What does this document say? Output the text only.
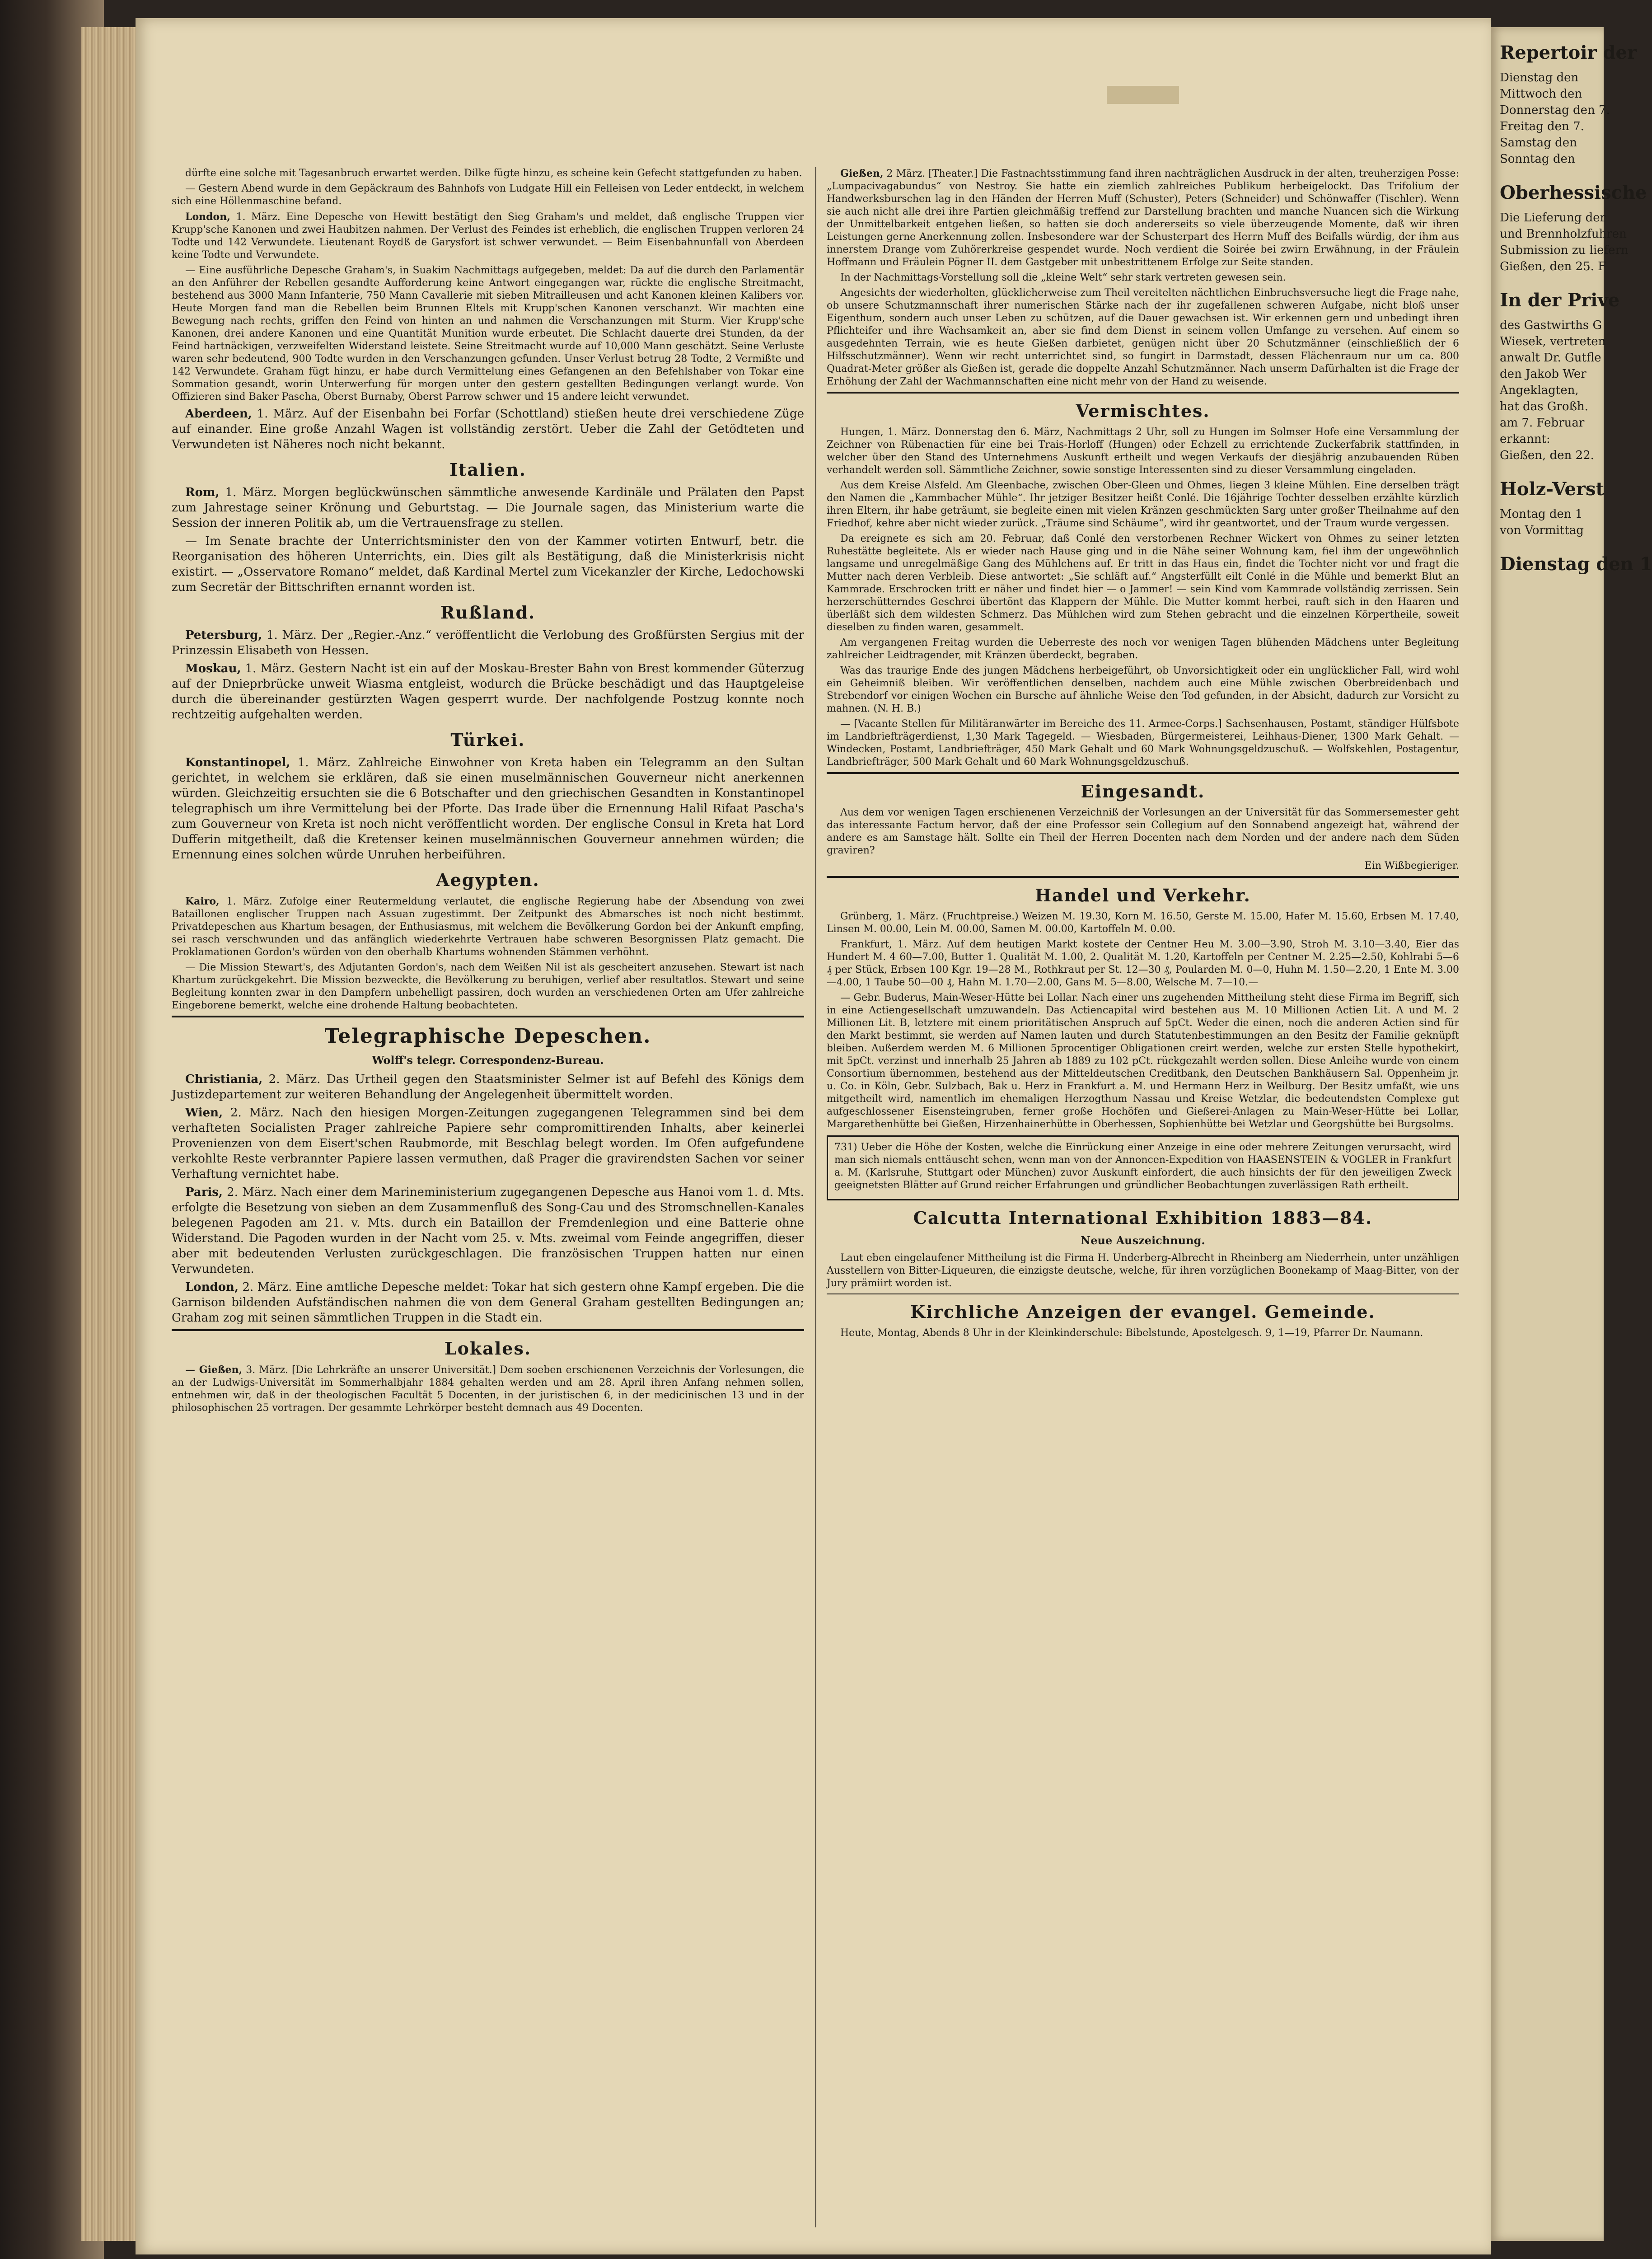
dürfte eine solche mit Tagesanbruch erwartet werden. Dilke fügte hinzu, es scheine kein Gefecht stattgefunden zu haben.

— Gestern Abend wurde in dem Gepäckraum des Bahnhofs von Ludgate Hill ein Felleisen von Leder entdeckt, in welchem sich eine Höllenmaschine befand.

London, 1. März. Eine Depesche von Hewitt bestätigt den Sieg Graham's und meldet, daß englische Truppen vier Krupp'sche Kanonen und zwei Haubitzen nahmen. Der Verlust des Feindes ist erheblich, die englischen Truppen verloren 24 Todte und 142 Verwundete. Lieutenant Roydß de Garysfort ist schwer verwundet. — Beim Eisenbahnunfall von Aberdeen keine Todte und Verwundete.

— Eine ausführliche Depesche Graham's, in Suakim Nachmittags aufgegeben, meldet: Da auf die durch den Parlamentär an den Anführer der Rebellen gesandte Aufforderung keine Antwort eingegangen war, rückte die englische Streitmacht, bestehend aus 3000 Mann Infanterie, 750 Mann Cavallerie mit sieben Mitrailleusen und acht Kanonen kleinen Kalibers vor. Heute Morgen fand man die Rebellen beim Brunnen Eltels mit Krupp'schen Kanonen verschanzt. Wir machten eine Bewegung nach rechts, griffen den Feind von hinten an und nahmen die Verschanzungen mit Sturm. Vier Krupp'sche Kanonen, drei andere Kanonen und eine Quantität Munition wurde erbeutet. Die Schlacht dauerte drei Stunden, da der Feind hartnäckigen, verzweifelten Widerstand leistete. Seine Streitmacht wurde auf 10,000 Mann geschätzt. Seine Verluste waren sehr bedeutend, 900 Todte wurden in den Verschanzungen gefunden. Unser Verlust betrug 28 Todte, 2 Vermißte und 142 Verwundete. Graham fügt hinzu, er habe durch Vermittelung eines Gefangenen an den Befehlshaber von Tokar eine Sommation gesandt, worin Unterwerfung für morgen unter den gestern gestellten Bedingungen verlangt wurde. Von Offizieren sind Baker Pascha, Oberst Burnaby, Oberst Parrow schwer und 15 andere leicht verwundet.

Aberdeen, 1. März. Auf der Eisenbahn bei Forfar (Schottland) stießen heute drei verschiedene Züge auf einander. Eine große Anzahl Wagen ist vollständig zerstört. Ueber die Zahl der Getödteten und Verwundeten ist Näheres noch nicht bekannt.

Italien.

Rom, 1. März. Morgen beglückwünschen sämmtliche anwesende Kardinäle und Prälaten den Papst zum Jahrestage seiner Krönung und Geburtstag. — Die Journale sagen, das Ministerium warte die Session der inneren Politik ab, um die Vertrauensfrage zu stellen.

— Im Senate brachte der Unterrichtsminister den von der Kammer votirten Entwurf, betr. die Reorganisation des höheren Unterrichts, ein. Dies gilt als Bestätigung, daß die Ministerkrisis nicht existirt. — „Osservatore Romano“ meldet, daß Kardinal Mertel zum Vicekanzler der Kirche, Ledochowski zum Secretär der Bittschriften ernannt worden ist.

Rußland.

Petersburg, 1. März. Der „Regier.-Anz.“ veröffentlicht die Verlobung des Großfürsten Sergius mit der Prinzessin Elisabeth von Hessen.

Moskau, 1. März. Gestern Nacht ist ein auf der Moskau-Brester Bahn von Brest kommender Güterzug auf der Dnieprbrücke unweit Wiasma entgleist, wodurch die Brücke beschädigt und das Hauptgeleise durch die übereinander gestürzten Wagen gesperrt wurde. Der nachfolgende Postzug konnte noch rechtzeitig aufgehalten werden.

Türkei.

Konstantinopel, 1. März. Zahlreiche Einwohner von Kreta haben ein Telegramm an den Sultan gerichtet, in welchem sie erklären, daß sie einen muselmännischen Gouverneur nicht anerkennen würden. Gleichzeitig ersuchten sie die 6 Botschafter und den griechischen Gesandten in Konstantinopel telegraphisch um ihre Vermittelung bei der Pforte. Das Irade über die Ernennung Halil Rifaat Pascha's zum Gouverneur von Kreta ist noch nicht veröffentlicht worden. Der englische Consul in Kreta hat Lord Dufferin mitgetheilt, daß die Kretenser keinen muselmännischen Gouverneur annehmen würden; die Ernennung eines solchen würde Unruhen herbeiführen.

Aegypten.

Kairo, 1. März. Zufolge einer Reutermeldung verlautet, die englische Regierung habe der Absendung von zwei Bataillonen englischer Truppen nach Assuan zugestimmt. Der Zeitpunkt des Abmarsches ist noch nicht bestimmt. Privatdepeschen aus Khartum besagen, der Enthusiasmus, mit welchem die Bevölkerung Gordon bei der Ankunft empfing, sei rasch verschwunden und das anfänglich wiederkehrte Vertrauen habe schweren Besorgnissen Platz gemacht. Die Proklamationen Gordon's würden von den oberhalb Khartums wohnenden Stämmen verhöhnt.

— Die Mission Stewart's, des Adjutanten Gordon's, nach dem Weißen Nil ist als gescheitert anzusehen. Stewart ist nach Khartum zurückgekehrt. Die Mission bezweckte, die Bevölkerung zu beruhigen, verlief aber resultatlos. Stewart und seine Begleitung konnten zwar in den Dampfern unbehelligt passiren, doch wurden an verschiedenen Orten am Ufer zahlreiche Eingeborene bemerkt, welche eine drohende Haltung beobachteten.

Telegraphische Depeschen.
Wolff's telegr. Correspondenz-Bureau.

Christiania, 2. März. Das Urtheil gegen den Staatsminister Selmer ist auf Befehl des Königs dem Justizdepartement zur weiteren Behandlung der Angelegenheit übermittelt worden.

Wien, 2. März. Nach den hiesigen Morgen-Zeitungen zugegangenen Telegrammen sind bei dem verhafteten Socialisten Prager zahlreiche Papiere sehr compromittirenden Inhalts, aber keinerlei Provenienzen von dem Eisert'schen Raubmorde, mit Beschlag belegt worden. Im Ofen aufgefundene verkohlte Reste verbrannter Papiere lassen vermuthen, daß Prager die gravirendsten Sachen vor seiner Verhaftung vernichtet habe.

Paris, 2. März. Nach einer dem Marineministerium zugegangenen Depesche aus Hanoi vom 1. d. Mts. erfolgte die Besetzung von sieben an dem Zusammenfluß des Song-Cau und des Stromschnellen-Kanales belegenen Pagoden am 21. v. Mts. durch ein Bataillon der Fremdenlegion und eine Batterie ohne Widerstand. Die Pagoden wurden in der Nacht vom 25. v. Mts. zweimal vom Feinde angegriffen, dieser aber mit bedeutenden Verlusten zurückgeschlagen. Die französischen Truppen hatten nur einen Verwundeten.

London, 2. März. Eine amtliche Depesche meldet: Tokar hat sich gestern ohne Kampf ergeben. Die die Garnison bildenden Aufständischen nahmen die von dem General Graham gestellten Bedingungen an; Graham zog mit seinen sämmtlichen Truppen in die Stadt ein.

Lokales.

— Gießen, 3. März. [Die Lehrkräfte an unserer Universität.] Dem soeben erschienenen Verzeichnis der Vorlesungen, die an der Ludwigs-Universität im Sommerhalbjahr 1884 gehalten werden und am 28. April ihren Anfang nehmen sollen, entnehmen wir, daß in der theologischen Facultät 5 Docenten, in der juristischen 6, in der medicinischen 13 und in der philosophischen 25 vortragen. Der gesammte Lehrkörper besteht demnach aus 49 Docenten.

Gießen, 2 März. [Theater.] Die Fastnachtsstimmung fand ihren nachträglichen Ausdruck in der alten, treuherzigen Posse: „Lumpacivagabundus“ von Nestroy. Sie hatte ein ziemlich zahlreiches Publikum herbeigelockt. Das Trifolium der Handwerksburschen lag in den Händen der Herren Muff (Schuster), Peters (Schneider) und Schönwaffer (Tischler). Wenn sie auch nicht alle drei ihre Partien gleichmäßig treffend zur Darstellung brachten und manche Nuancen sich die Wirkung der Unmittelbarkeit entgehen ließen, so hatten sie doch andererseits so viele überzeugende Momente, daß wir ihren Leistungen gerne Anerkennung zollen. Insbesondere war der Schusterpart des Herrn Muff des Beifalls würdig, der ihm aus innerstem Drange vom Zuhörerkreise gespendet wurde. Noch verdient die Soirée bei zwirn Erwähnung, in der Fräulein Hoffmann und Fräulein Pögner II. dem Gastgeber mit unbestrittenem Erfolge zur Seite standen.

In der Nachmittags-Vorstellung soll die „kleine Welt“ sehr stark vertreten gewesen sein.

Angesichts der wiederholten, glücklicherweise zum Theil vereitelten nächtlichen Einbruchsversuche liegt die Frage nahe, ob unsere Schutzmannschaft ihrer numerischen Stärke nach der ihr zugefallenen schweren Aufgabe, nicht bloß unser Eigenthum, sondern auch unser Leben zu schützen, auf die Dauer gewachsen ist. Wir erkennen gern und unbedingt ihren Pflichteifer und ihre Wachsamkeit an, aber sie find dem Dienst in seinem vollen Umfange zu versehen. Auf einem so ausgedehnten Terrain, wie es heute Gießen darbietet, genügen nicht über 20 Schutzmänner (einschließlich der 6 Hilfsschutzmänner). Wenn wir recht unterrichtet sind, so fungirt in Darmstadt, dessen Flächenraum nur um ca. 800 Quadrat-Meter größer als Gießen ist, gerade die doppelte Anzahl Schutzmänner. Nach unserm Dafürhalten ist die Frage der Erhöhung der Zahl der Wachmannschaften eine nicht mehr von der Hand zu weisende.

Vermischtes.

Hungen, 1. März. Donnerstag den 6. März, Nachmittags 2 Uhr, soll zu Hungen im Solmser Hofe eine Versammlung der Zeichner von Rübenactien für eine bei Trais-Horloff (Hungen) oder Echzell zu errichtende Zuckerfabrik stattfinden, in welcher über den Stand des Unternehmens Auskunft ertheilt und wegen Verkaufs der diesjährig anzubauenden Rüben verhandelt werden soll. Sämmtliche Zeichner, sowie sonstige Interessenten sind zu dieser Versammlung eingeladen.

Aus dem Kreise Alsfeld. Am Gleenbache, zwischen Ober-Gleen und Ohmes, liegen 3 kleine Mühlen. Eine derselben trägt den Namen die „Kammbacher Mühle“. Ihr jetziger Besitzer heißt Conlé. Die 16jährige Tochter desselben erzählte kürzlich ihren Eltern, ihr habe geträumt, sie begleite einen mit vielen Kränzen geschmückten Sarg unter großer Theilnahme auf den Friedhof, kehre aber nicht wieder zurück. „Träume sind Schäume“, wird ihr geantwortet, und der Traum wurde vergessen.

Da ereignete es sich am 20. Februar, daß Conlé den verstorbenen Rechner Wickert von Ohmes zu seiner letzten Ruhestätte begleitete. Als er wieder nach Hause ging und in die Nähe seiner Wohnung kam, fiel ihm der ungewöhnlich langsame und unregelmäßige Gang des Mühlchens auf. Er tritt in das Haus ein, findet die Tochter nicht vor und fragt die Mutter nach deren Verbleib. Diese antwortet: „Sie schläft auf.“ Angsterfüllt eilt Conlé in die Mühle und bemerkt Blut an Kammrade. Erschrocken tritt er näher und findet hier — o Jammer! — sein Kind vom Kammrade vollständig zerrissen. Sein herzerschütterndes Geschrei übertönt das Klappern der Mühle. Die Mutter kommt herbei, rauft sich in den Haaren und überläßt sich dem wildesten Schmerz. Das Mühlchen wird zum Stehen gebracht und die einzelnen Körpertheile, soweit dieselben zu finden waren, gesammelt.

Am vergangenen Freitag wurden die Ueberreste des noch vor wenigen Tagen blühenden Mädchens unter Begleitung zahlreicher Leidtragender, mit Kränzen überdeckt, begraben.

Was das traurige Ende des jungen Mädchens herbeigeführt, ob Unvorsichtigkeit oder ein unglücklicher Fall, wird wohl ein Geheimniß bleiben. Wir veröffentlichen denselben, nachdem auch eine Mühle zwischen Oberbreidenbach und Strebendorf vor einigen Wochen ein Bursche auf ähnliche Weise den Tod gefunden, in der Absicht, dadurch zur Vorsicht zu mahnen. (N. H. B.)

— [Vacante Stellen für Militäranwärter im Bereiche des 11. Armee-Corps.] Sachsenhausen, Postamt, ständiger Hülfsbote im Landbriefträgerdienst, 1,30 Mark Tagegeld. — Wiesbaden, Bürgermeisterei, Leihhaus-Diener, 1300 Mark Gehalt. — Windecken, Postamt, Landbriefträger, 450 Mark Gehalt und 60 Mark Wohnungsgeldzuschuß. — Wolfskehlen, Postagentur, Landbriefträger, 500 Mark Gehalt und 60 Mark Wohnungsgeldzuschuß.

Eingesandt.

Aus dem vor wenigen Tagen erschienenen Verzeichniß der Vorlesungen an der Universität für das Sommersemester geht das interessante Factum hervor, daß der eine Professor sein Collegium auf den Sonnabend angezeigt hat, während der andere es am Samstage hält. Sollte ein Theil der Herren Docenten nach dem Norden und der andere nach dem Süden graviren?

Ein Wißbegieriger.

Handel und Verkehr.

Grünberg, 1. März. (Fruchtpreise.) Weizen M. 19.30, Korn M. 16.50, Gerste M. 15.00, Hafer M. 15.60, Erbsen M. 17.40, Linsen M. 00.00, Lein M. 00.00, Samen M. 00.00, Kartoffeln M. 0.00.

Frankfurt, 1. März. Auf dem heutigen Markt kostete der Centner Heu M. 3.00—3.90, Stroh M. 3.10—3.40, Eier das Hundert M. 4 60—7.00, Butter 1. Qualität M. 1.00, 2. Qualität M. 1.20, Kartoffeln per Centner M. 2.25—2.50, Kohlrabi 5—6 ₰ per Stück, Erbsen 100 Kgr. 19—28 M., Rothkraut per St. 12—30 ₰, Poularden M. 0—0, Huhn M. 1.50—2.20, 1 Ente M. 3.00—4.00, 1 Taube 50—00 ₰, Hahn M. 1.70—2.00, Gans M. 5—8.00, Welsche M. 7—10.—

— Gebr. Buderus, Main-Weser-Hütte bei Lollar. Nach einer uns zugehenden Mittheilung steht diese Firma im Begriff, sich in eine Actiengesellschaft umzuwandeln. Das Actiencapital wird bestehen aus M. 10 Millionen Actien Lit. A und M. 2 Millionen Lit. B, letztere mit einem prioritätischen Anspruch auf 5pCt. Weder die einen, noch die anderen Actien sind für den Markt bestimmt, sie werden auf Namen lauten und durch Statutenbestimmungen an den Besitz der Familie geknüpft bleiben. Außerdem werden M. 6 Millionen 5procentiger Obligationen creirt werden, welche zur ersten Stelle hypothekirt, mit 5pCt. verzinst und innerhalb 25 Jahren ab 1889 zu 102 pCt. rückgezahlt werden sollen. Diese Anleihe wurde von einem Consortium übernommen, bestehend aus der Mitteldeutschen Creditbank, den Deutschen Bankhäusern Sal. Oppenheim jr. u. Co. in Köln, Gebr. Sulzbach, Bak u. Herz in Frankfurt a. M. und Hermann Herz in Weilburg. Der Besitz umfaßt, wie uns mitgetheilt wird, namentlich im ehemaligen Herzogthum Nassau und Kreise Wetzlar, die bedeutendsten Complexe gut aufgeschlossener Eisensteingruben, ferner große Hochöfen und Gießerei-Anlagen zu Main-Weser-Hütte bei Lollar, Margarethenhütte bei Gießen, Hirzenhainerhütte in Oberhessen, Sophienhütte bei Wetzlar und Georgshütte bei Burgsolms.

731) Ueber die Höhe der Kosten, welche die Einrückung einer Anzeige in eine oder mehrere Zeitungen verursacht, wird man sich niemals enttäuscht sehen, wenn man von der Annoncen-Expedition von HAASENSTEIN & VOGLER in Frankfurt a. M. (Karlsruhe, Stuttgart oder München) zuvor Auskunft einfordert, die auch hinsichts der für den jeweiligen Zweck geeignetsten Blätter auf Grund reicher Erfahrungen und gründlicher Beobachtungen zuverlässigen Rath ertheilt.

Calcutta International Exhibition 1883—84.
Neue Auszeichnung.

Laut eben eingelaufener Mittheilung ist die Firma H. Underberg-Albrecht in Rheinberg am Niederrhein, unter unzähligen Ausstellern von Bitter-Liqueuren, die einzigste deutsche, welche, für ihren vorzüglichen Boonekamp of Maag-Bitter, von der Jury prämiirt worden ist.

Kirchliche Anzeigen der evangel. Gemeinde.

Heute, Montag, Abends 8 Uhr in der Kleinkinderschule: Bibelstunde, Apostelgesch. 9, 1—19, Pfarrer Dr. Naumann.

Repertoir der
Dienstag den
Mittwoch den
Donnerstag den 7.
Freitag den 7.
Samstag den
Sonntag den
Oberhessische
Die Lieferung der
und Brennholzfuhren
Submission zu liefern
Gießen, den 25. F
In der Prive
des Gastwirths G
Wiesek, vertreten
anwalt Dr. Gutfle
den Jakob Wer
Angeklagten,
hat das Großh.
am 7. Februar
erkannt:
Gießen, den 22.
Holz-Verst
Montag den 1
von Vormittag
Dienstag den 1
